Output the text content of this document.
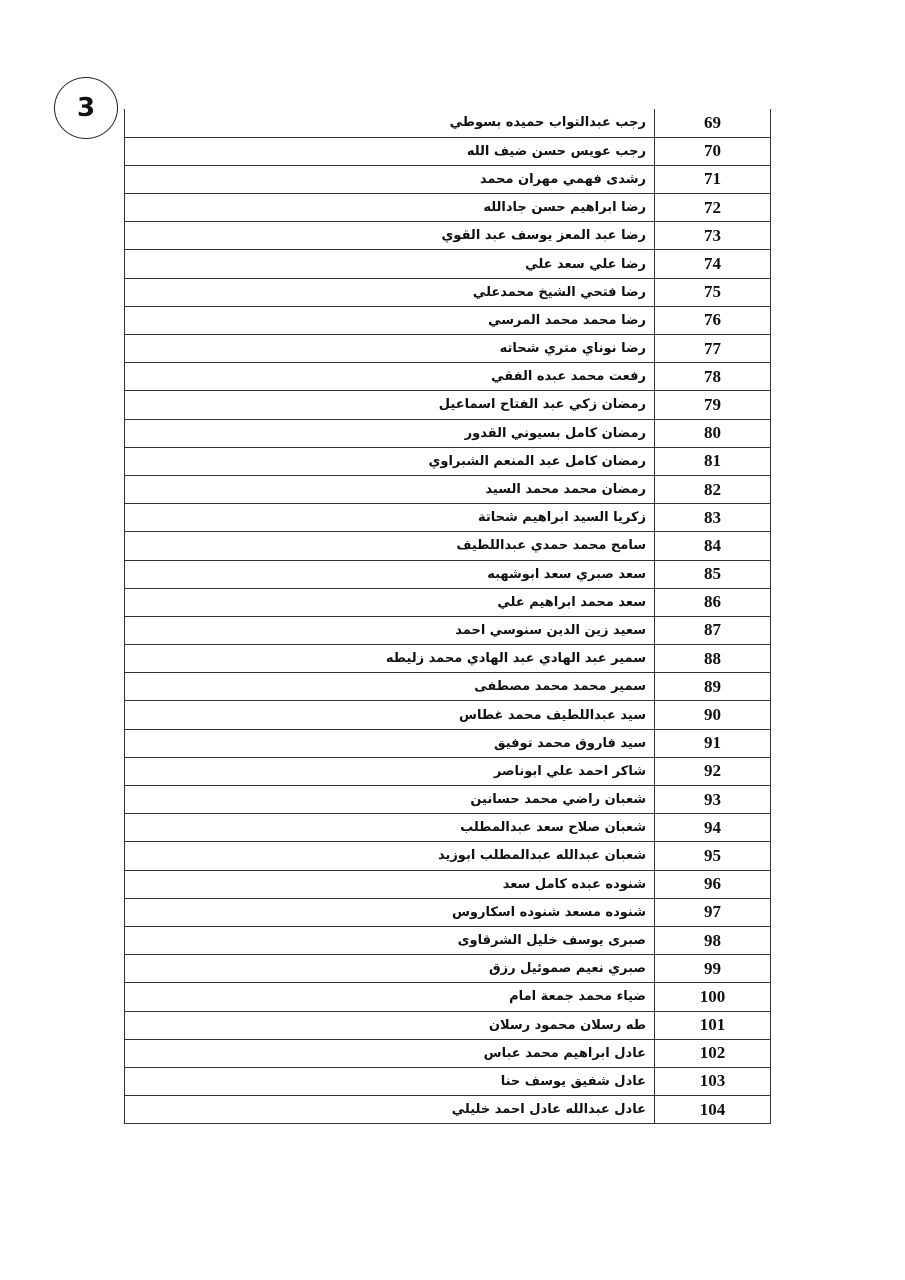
3	رجب عبدالتواب حميده بسوطي	69
رجب عويس حسن ضيف الله	70
رشدى فهمي مهران محمد	71
رضا ابراهيم حسن جادالله	72
رضا عبد المعز يوسف عبد القوي	73
رضا علي سعد علي	74
رضا فتحي الشيخ محمدعلي	75
رضا محمد محمد المرسي	76
رضا نوناي متري شحاته	77
رفعت محمد عبده الفقي	78
رمضان زكي عبد الفتاح اسماعيل	79
رمضان كامل بسيوني القدور	80
رمضان كامل عبد المنعم الشبراوي	81
رمضان محمد محمد السيد	82
زكريا السيد ابراهيم شحاتة	83
سامح محمد حمدي عبداللطيف	84
سعد صبري سعد ابوشهبه	85
سعد محمد ابراهيم علي	86
سعيد زين الدين سنوسي احمد	87
سمير عبد الهادي عبد الهادي محمد زليطه	88
سمير محمد محمد مصطفى	89
سيد عبداللطيف محمد غطاس	90
سيد فاروق محمد توفيق	91
شاكر احمد علي ابوناصر	92
شعبان راضي محمد حسانين	93
شعبان صلاح سعد عبدالمطلب	94
شعبان عبدالله عبدالمطلب ابوزيد	95
شنوده عبده كامل سعد	96
شنوده مسعد شنوده اسكاروس	97
صبرى يوسف خليل الشرقاوى	98
صبري نعيم صموئيل رزق	99
ضياء محمد جمعة امام	100
طه رسلان محمود رسلان	101
عادل ابراهيم محمد عباس	102
عادل شفيق يوسف حنا	103
عادل عبدالله عادل احمد خليلي	104
